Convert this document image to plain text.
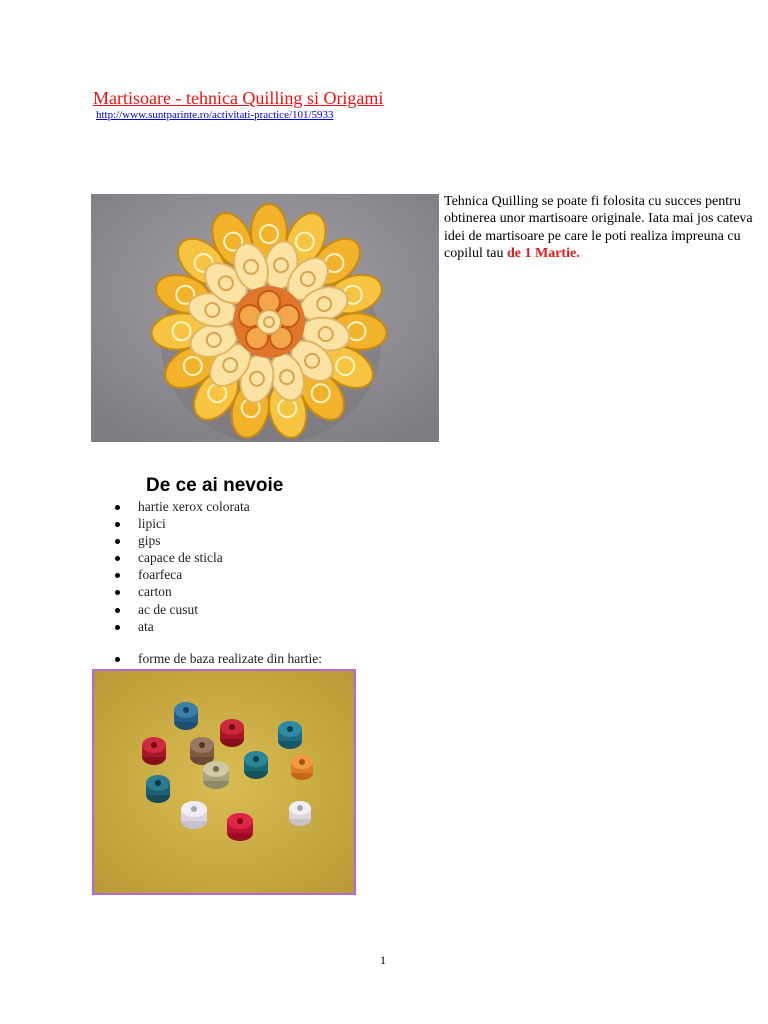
Martisoare - tehnica Quilling si Origami
http://www.suntparinte.ro/activitati-practice/101/5933
Tehnica Quilling se poate fi folosita cu succes pentru obtinerea unor martisoare originale. Iata mai jos cateva idei de martisoare pe care le poti realiza impreuna cu copilul tau de 1 Martie.
De ce ai nevoie
hartie xerox colorata
lipici
gips
capace de sticla
foarfeca
carton
ac de cusut
ata
forme de baza realizate din hartie:
1
